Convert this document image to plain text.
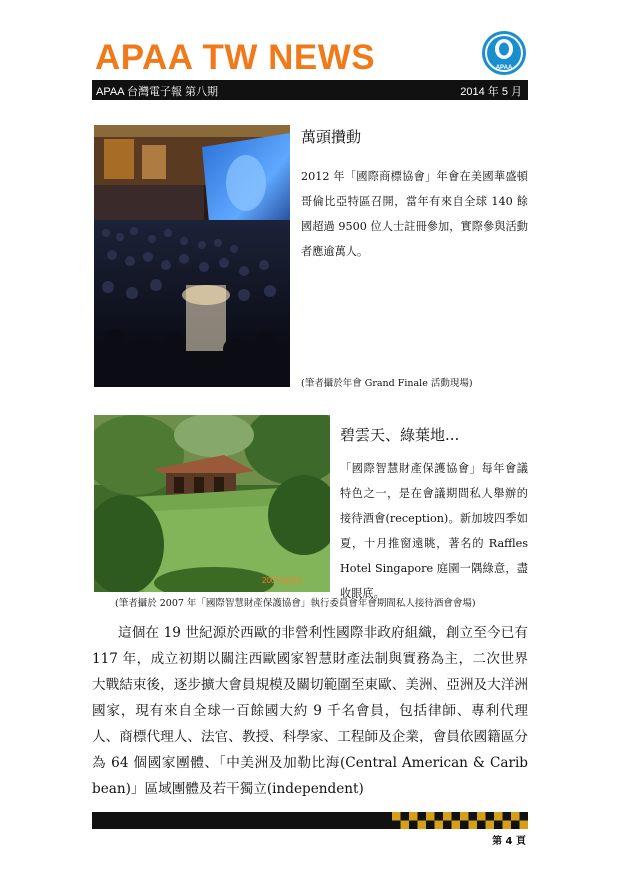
APAA TW NEWS	APAA
APAA 台灣電子報 第八期	2014 年 5 月
萬頭攢動
2012 年「國際商標協會」年會在美國華盛頓哥倫比亞特區召開，當年有來自全球 140 餘國超過 9500 位人士註冊參加，實際參與活動者應逾萬人。
(筆者攝於年會 Grand Finale 活動現場)
2007/10/14
碧雲天、綠葉地...
「國際智慧財產保護協會」每年會議特色之一，是在會議期間私人舉辦的接待酒會(reception)。新加坡四季如夏，十月推窗遠眺，著名的 Raffles Hotel Singapore 庭園一隅綠意，盡收眼底。
(筆者攝於 2007 年「國際智慧財產保護協會」執行委員會年會期間私人接待酒會會場)
這個在 19 世紀源於西歐的非營利性國際非政府組織，創立至今已有 117 年，成立初期以關注西歐國家智慧財產法制與實務為主，二次世界大戰結束後，逐步擴大會員規模及關切範圍至東歐、美洲、亞洲及大洋洲國家，現有來自全球一百餘國大約 9 千名會員，包括律師、專利代理人、商標代理人、法官、教授、科學家、工程師及企業，會員依國籍區分為 64 個國家團體、「中美洲及加勒比海(Central American & Carib bean)」區域團體及若干獨立(independent)
第 4 頁
